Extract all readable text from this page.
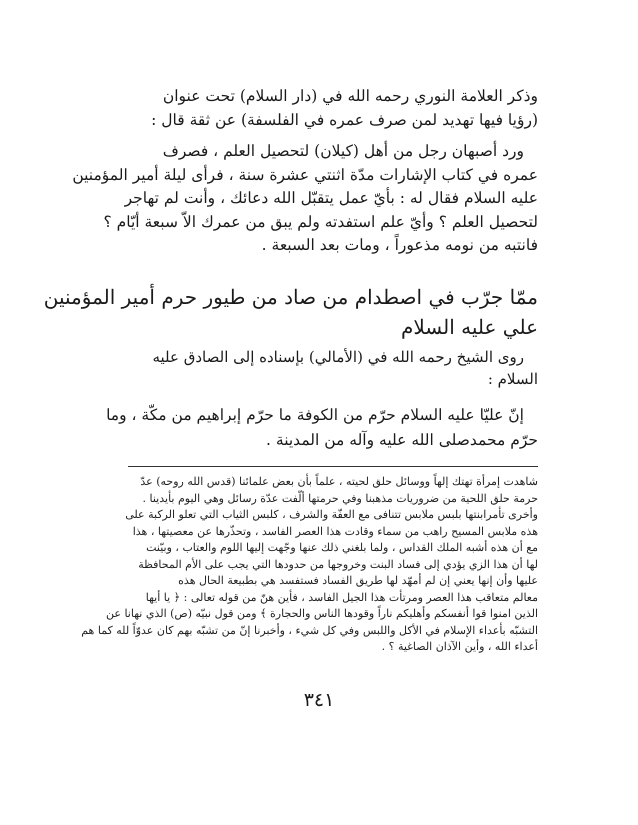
وذكر العلامة النوري رحمه الله في (دار السلام) تحت عنوان
(رؤيا فيها تهديد لمن صرف عمره في الفلسفة) عن ثقة قال :
ورد أصبهان رجل من أهل (كيلان) لتحصيل العلم ، فصرف
عمره في كتاب الإشارات مدّة اثنتي عشرة سنة ، فرأى ليلة أمير المؤمنين
عليه السلام فقال له : بأيّ عمل يتقبّل الله دعائك ، وأنت لم تهاجر
لتحصيل العلم ؟ وأيّ علم استفدته ولم يبق من عمرك الاّ سبعة أيّام ؟
فانتبه من نومه مذعوراً ، ومات بعد السبعة .
ممّا جرّب في اصطدام من صاد من طيور حرم أمير المؤمنين
علي عليه السلام
روى الشيخ رحمه الله في (الأمالي) بإسناده إلى الصادق عليه
السلام :
إنّ عليّا عليه السلام حرّم من الكوفة ما حرّم إبراهيم من مكّة ، وما
حرّم محمدصلى الله عليه وآله من المدينة .
شاهدت إمرأة تهتك إلهاً ووسائل حلق لحيته ، علماً بأن بعض علمائنا (قدس الله روحه) عدّ
حرمة حلق اللحية من ضروريات مذهبنا وفي حرمتها ألّفت عدّة رسائل وهي اليوم بأيدينا .
وأخرى تأمرابنتها بلبس ملابس تتنافى مع العفّة والشرف ، كلبس الثياب التي تعلو الركبة على
هذه ملابس المسيح راهب من سماء وقادت هذا العصر الفاسد ، وتحذّرها عن معصيتها ، هذا
مع أن هذه أشبه الملك القداس ، ولما بلغني ذلك عنها وجّهت إليها اللوم والعتاب ، وبيّنت
لها أن هذا الزي يؤدي إلى فساد البنت وخروجها من حدودها التي يجب على الأم المحافظة
عليها وأن إنها يعني إن لم أمهّد لها طريق الفساد فستفسد هي بطبيعة الحال هذه
معالم متعاقب هذا العصر ومرتأت هذا الجيل الفاسد ، فأين هنّ من قوله تعالى : ﴿ يا أيها
الذين امنوا قوا أنفسكم وأهليكم ناراً وقودها الناس والحجارة ﴾ ومن قول نبيّه (ص) الذي نهانا عن
التشبّه بأعداء الإسلام في الأكل واللبس وفي كل شيء ، وأخبرنا إنّ من تشبّه بهم كان عدوّاً لله كما هم
أعداء الله ، وأين الآذان الصاغية ؟ .
٣٤١
